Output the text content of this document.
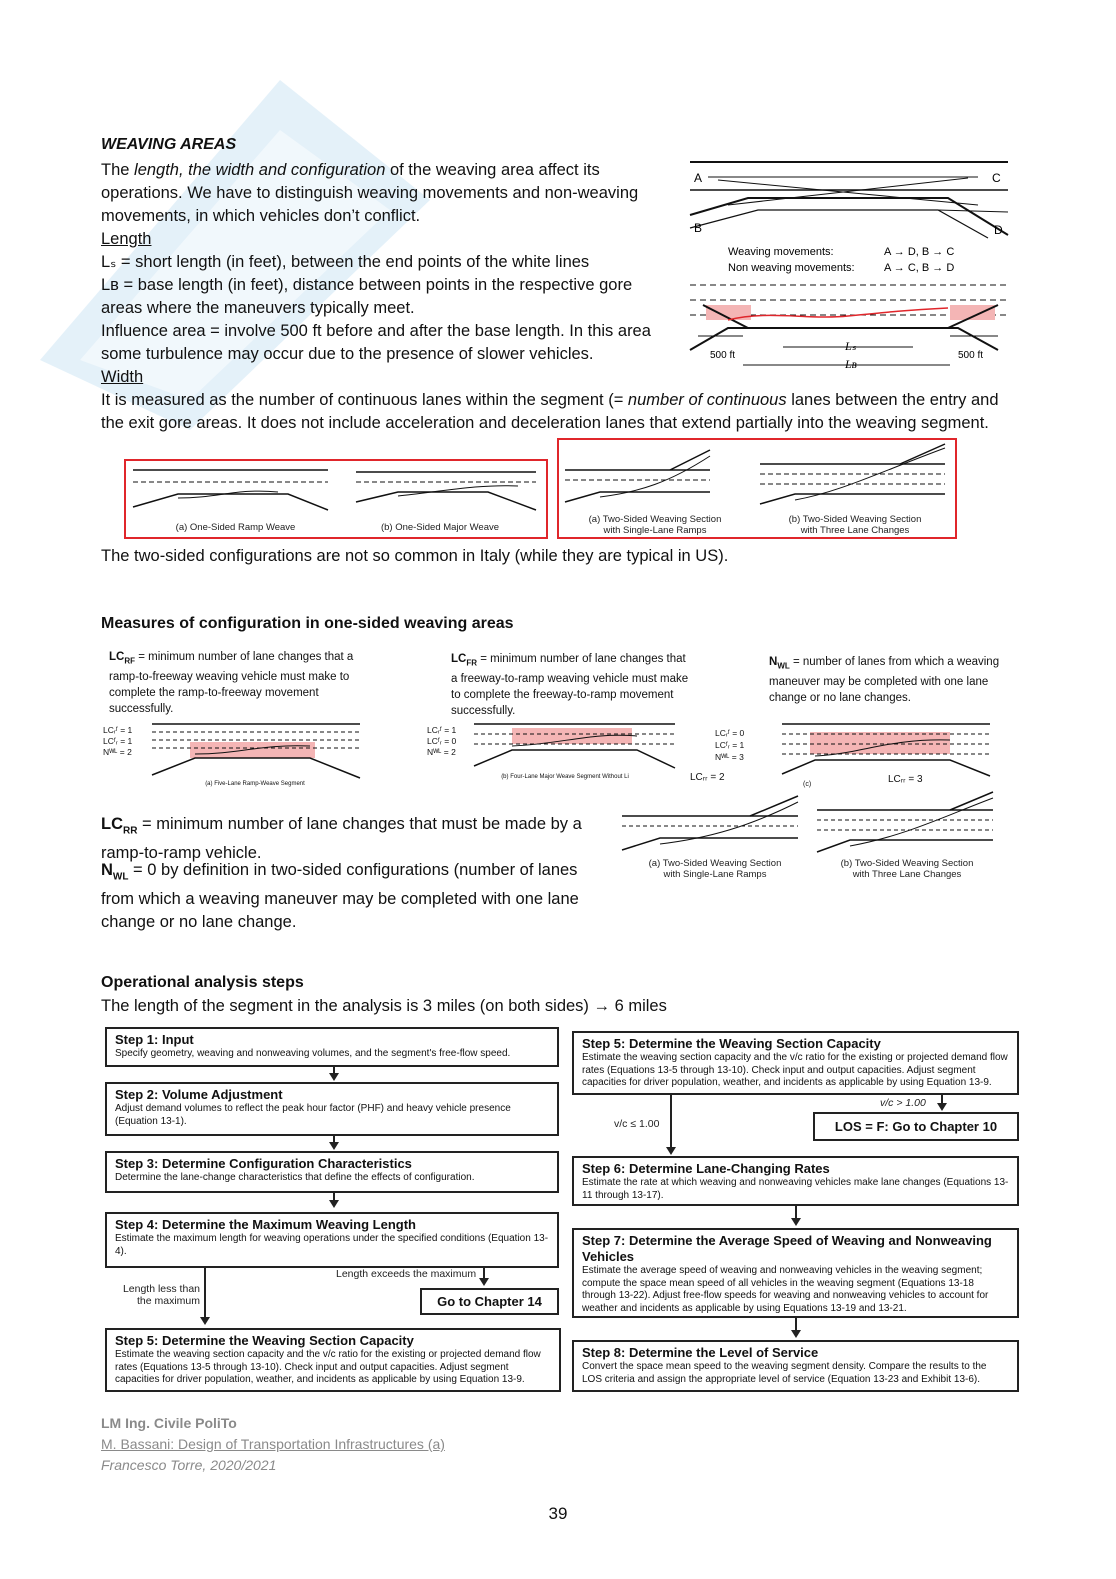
WEAVING AREAS
The length, the width and configuration of the weaving area affect its operations. We have to distinguish weaving movements and non-weaving movements, in which vehicles don’t conflict.
Length
Lₛ = short length (in feet), between the end points of the white lines
Lʙ = base length (in feet), distance between points in the respective gore areas where the maneuvers typically meet.
Influence area = involve 500 ft before and after the base length. In this area some turbulence may occur due to the presence of slower vehicles.
Width
It is measured as the number of continuous lanes within the segment (= number of continuous lanes between the entry and the exit gore areas. It does not include acceleration and deceleration lanes that extend partially into the weaving segment.
A
B
C
D
Weaving movements:	A → D, B → C
Non weaving movements:	A → C, B → D
500 ft	500 ft
Lₛ
Lʙ
(a) One-Sided Ramp Weave	(b) One-Sided Major Weave
(a) Two-Sided Weaving Section
with Single-Lane Ramps
(b) Two-Sided Weaving Section
with Three Lane Changes
The two-sided configurations are not so common in Italy (while they are typical in US).
Measures of configuration in one-sided weaving areas
$LC_{RF}$ = minimum number of lane changes that a ramp-to-freeway weaving vehicle must make to complete the ramp-to-freeway movement successfully.
$LC_{FR}$ = minimum number of lane changes that a freeway-to-ramp weaving vehicle must make to complete the freeway-to-ramp movement successfully.
$N_{WL}$ = number of lanes from which a weaving maneuver may be completed with one lane change or no lane changes.
LCᵣᶠ = 1
LCᶠᵣ = 1
Nᵂᴸ = 2
(a) Five-Lane Ramp-Weave Segment
LCᵣᶠ = 1
LCᶠᵣ = 0
Nᵂᴸ = 2
(b) Four-Lane Major Weave Segment Without Li
LCᵣᶠ = 0
LCᶠᵣ = 1
Nᵂᴸ = 3
(c)
LCᵣᵣ = 2	LCᵣᵣ = 3
(a) Two-Sided Weaving Section
with Single-Lane Ramps
(b) Two-Sided Weaving Section
with Three Lane Changes
$LC_{RR}$ = minimum number of lane changes that must be made by a ramp-to-ramp vehicle.
$N_{WL} = 0$ by definition in two-sided configurations (number of lanes from which a weaving maneuver may be completed with one lane change or no lane change.
Operational analysis steps
The length of the segment in the analysis is 3 miles (on both sides) → 6 miles
Step 1: Input
Specify geometry, weaving and nonweaving volumes, and the segment's free-flow speed.
Step 2: Volume Adjustment
Adjust demand volumes to reflect the peak hour factor (PHF) and heavy vehicle presence (Equation 13-1).
Step 3: Determine Configuration Characteristics
Determine the lane-change characteristics that define the effects of configuration.
Step 4: Determine the Maximum Weaving Length
Estimate the maximum length for weaving operations under the specified conditions (Equation 13-4).
Length exceeds the maximum
Go to Chapter 14
Length less than the maximum
Step 5: Determine the Weaving Section Capacity
Estimate the weaving section capacity and the v/c ratio for the existing or projected demand flow rates (Equations 13-5 through 13-10). Check input and output capacities. Adjust segment capacities for driver population, weather, and incidents as applicable by using Equation 13-9.
Step 5: Determine the Weaving Section Capacity
Estimate the weaving section capacity and the v/c ratio for the existing or projected demand flow rates (Equations 13-5 through 13-10). Check input and output capacities. Adjust segment capacities for driver population, weather, and incidents as applicable by using Equation 13-9.
v/c > 1.00
LOS = F: Go to Chapter 10
v/c ≤ 1.00
Step 6: Determine Lane-Changing Rates
Estimate the rate at which weaving and nonweaving vehicles make lane changes (Equations 13-11 through 13-17).
Step 7: Determine the Average Speed of Weaving and Nonweaving Vehicles
Estimate the average speed of weaving and nonweaving vehicles in the weaving segment; compute the space mean speed of all vehicles in the weaving segment (Equations 13-18 through 13-22). Adjust free-flow speeds for weaving and nonweaving vehicles to account for weather and incidents as applicable by using Equations 13-19 and 13-21.
Step 8: Determine the Level of Service
Convert the space mean speed to the weaving segment density. Compare the results to the LOS criteria and assign the appropriate level of service (Equation 13-23 and Exhibit 13-6).
LM Ing. Civile PoliTo
M. Bassani: Design of Transportation Infrastructures (a)
Francesco Torre, 2020/2021
39
